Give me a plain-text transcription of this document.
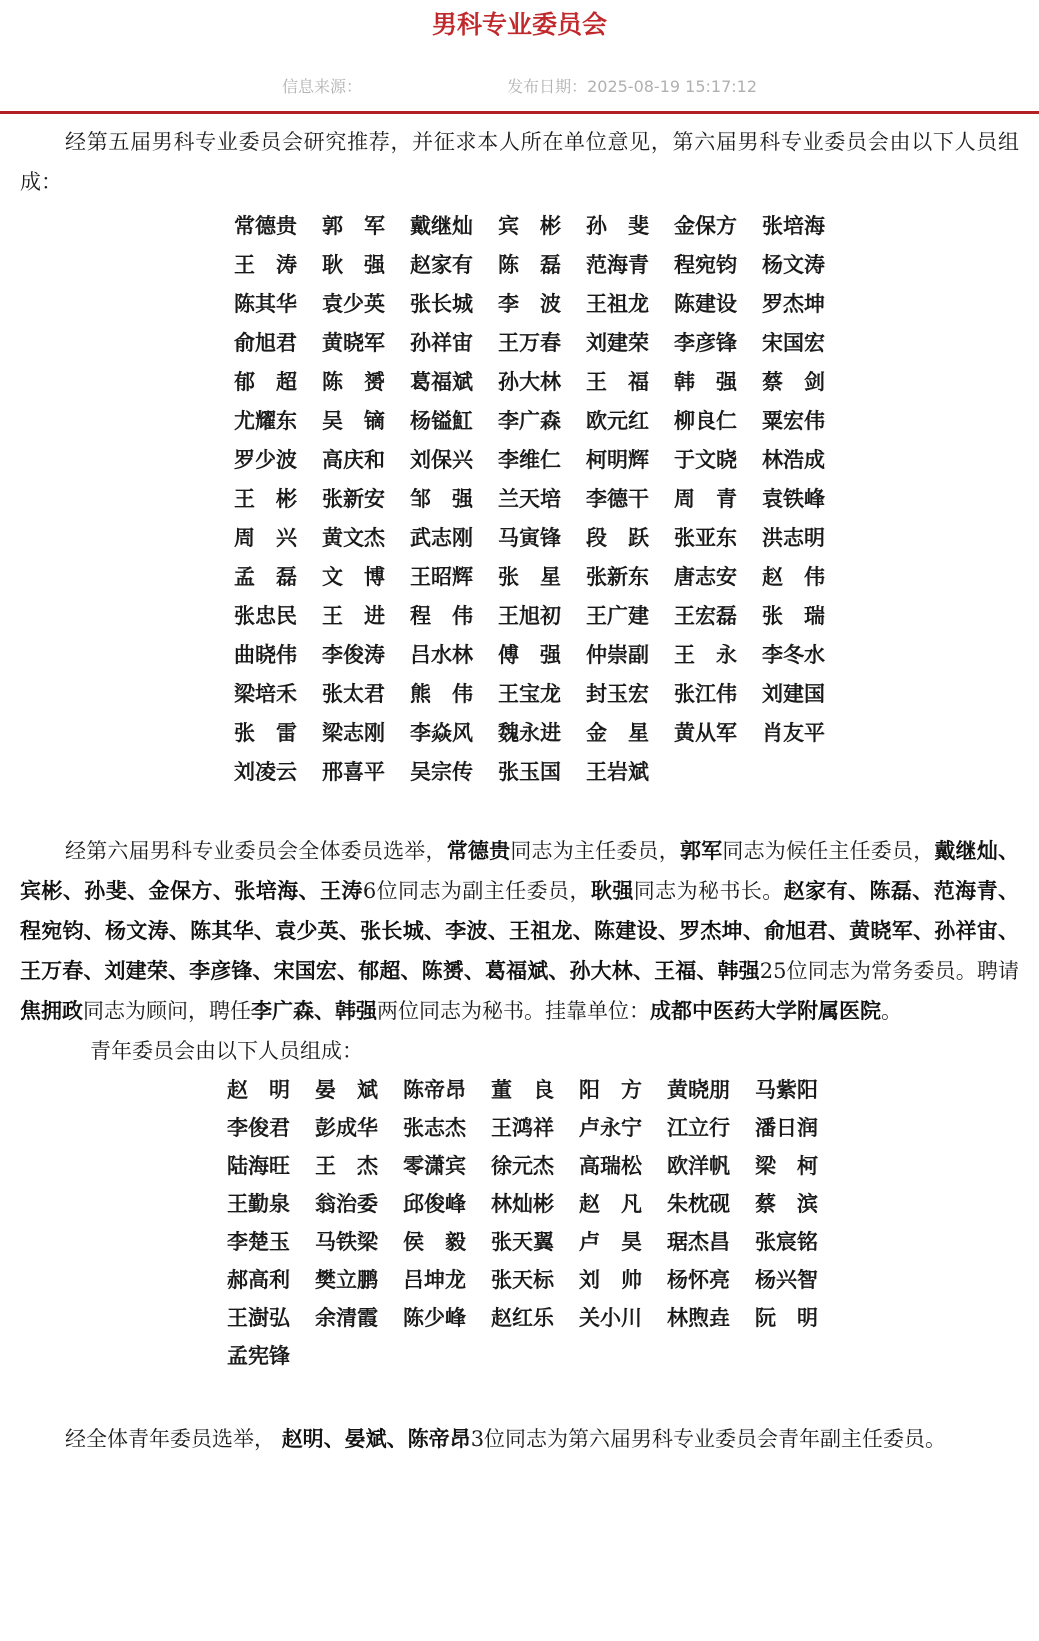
男科专业委员会
信息来源：	发布日期：2025-08-19 15:17:12

经第五届男科专业委员会研究推荐，并征求本人所在单位意见，第六届男科专业委员会由以下人员组成：

常德贵	郭　军	戴继灿	宾　彬	孙　斐	金保方	张培海
王　涛	耿　强	赵家有	陈　磊	范海青	程宛钧	杨文涛
陈其华	袁少英	张长城	李　波	王祖龙	陈建设	罗杰坤
俞旭君	黄晓军	孙祥宙	王万春	刘建荣	李彦锋	宋国宏
郁　超	陈　赟	葛福斌	孙大林	王　福	韩　强	蔡　剑
尤耀东	吴　镝	杨镒魟	李广森	欧元红	柳良仁	粟宏伟
罗少波	高庆和	刘保兴	李维仁	柯明辉	于文晓	林浩成
王　彬	张新安	邹　强	兰天培	李德干	周　青	袁铁峰
周　兴	黄文杰	武志刚	马寅锋	段　跃	张亚东	洪志明
孟　磊	文　博	王昭辉	张　星	张新东	唐志安	赵　伟
张忠民	王　进	程　伟	王旭初	王广建	王宏磊	张　瑞
曲晓伟	李俊涛	吕水林	傅　强	仲崇副	王　永	李冬水
梁培禾	张太君	熊　伟	王宝龙	封玉宏	张江伟	刘建国
张　雷	梁志刚	李焱风	魏永进	金　星	黄从军	肖友平
刘凌云	邢喜平	吴宗传	张玉国	王岩斌

经第六届男科专业委员会全体委员选举，常德贵同志为主任委员，郭军同志为候任主任委员，戴继灿、宾彬、孙斐、金保方、张培海、王涛6位同志为副主任委员，耿强同志为秘书长。赵家有、陈磊、范海青、程宛钧、杨文涛、陈其华、袁少英、张长城、李波、王祖龙、陈建设、罗杰坤、俞旭君、黄晓军、孙祥宙、王万春、刘建荣、李彦锋、宋国宏、郁超、陈赟、葛福斌、孙大林、王福、韩强25位同志为常务委员。聘请焦拥政同志为顾问，聘任李广森、韩强两位同志为秘书。挂靠单位：成都中医药大学附属医院。

青年委员会由以下人员组成：
赵　明	晏　斌	陈帝昂	董　良	阳　方	黄晓朋	马紫阳
李俊君	彭成华	张志杰	王鸿祥	卢永宁	江立行	潘日润
陆海旺	王　杰	零潇宾	徐元杰	高瑞松	欧洋帆	梁　柯
王勤泉	翁治委	邱俊峰	林灿彬	赵　凡	朱枕砚	蔡　滨
李楚玉	马铁梁	侯　毅	张天翼	卢　昊	琚杰昌	张宸铭
郝高利	樊立鹏	吕坤龙	张天标	刘　帅	杨怀亮	杨兴智
王澍弘	余清霞	陈少峰	赵红乐	关小川	林煦垚	阮　明
孟宪锋

经全体青年委员选举， 赵明、晏斌、陈帝昂3位同志为第六届男科专业委员会青年副主任委员。
